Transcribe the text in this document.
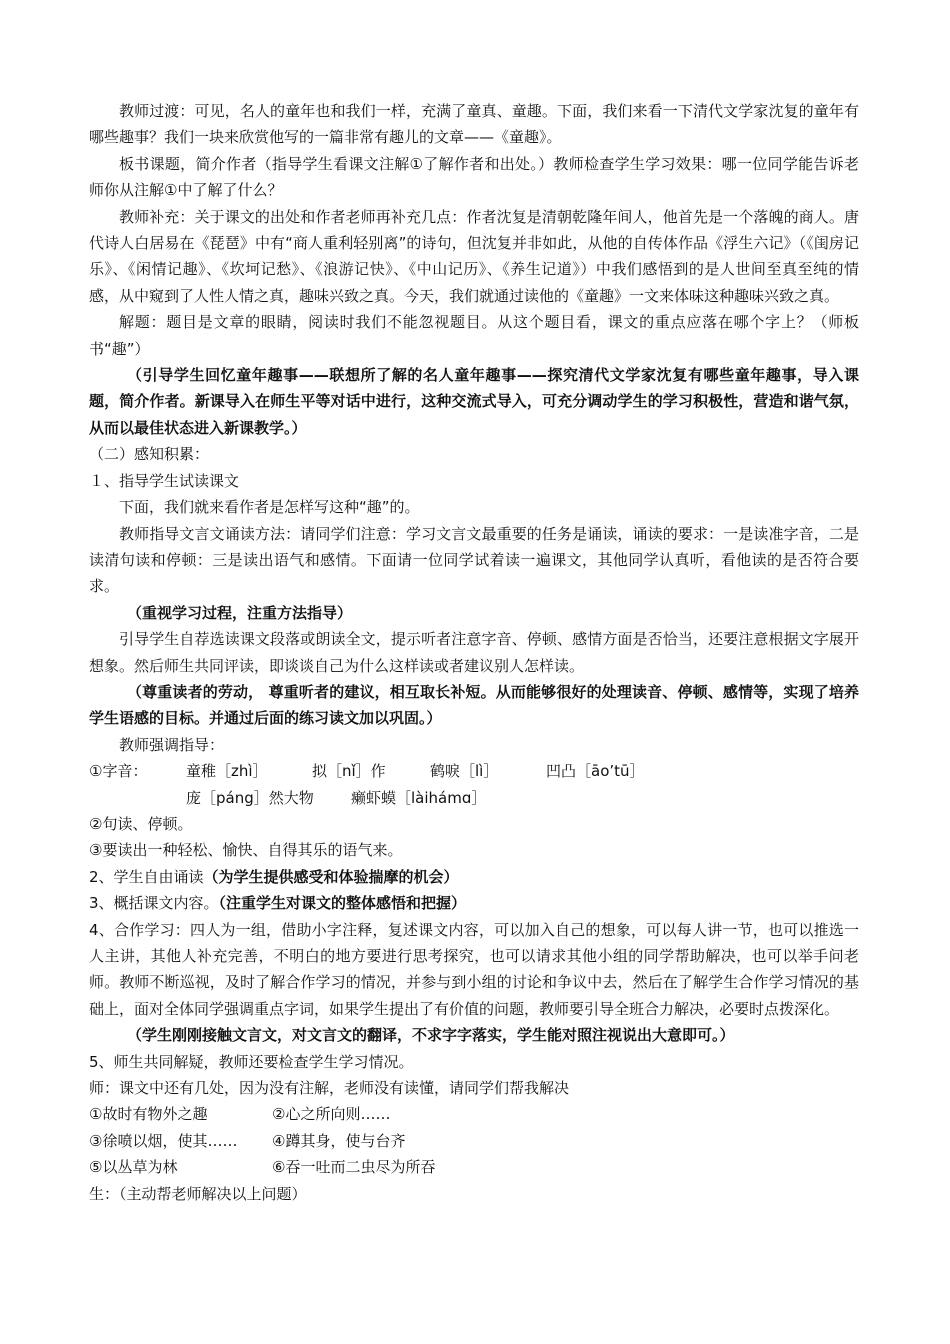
教师过渡：可见，名人的童年也和我们一样，充满了童真、童趣。下面，我们来看一下清代文学家沈复的童年有哪些趣事？我们一块来欣赏他写的一篇非常有趣儿的文章——《童趣》。

板书课题，简介作者（指导学生看课文注解①了解作者和出处。）教师检查学生学习效果：哪一位同学能告诉老师你从注解①中了解了什么？

教师补充：关于课文的出处和作者老师再补充几点：作者沈复是清朝乾隆年间人，他首先是一个落魄的商人。唐代诗人白居易在《琵琶》中有“商人重利轻别离”的诗句，但沈复并非如此，从他的自传体作品《浮生六记》（《闺房记乐》、《闲情记趣》、《坎坷记愁》、《浪游记快》、《中山记历》、《养生记道》）中我们感悟到的是人世间至真至纯的情感，从中窥到了人性人情之真，趣味兴致之真。今天，我们就通过读他的《童趣》一文来体味这种趣味兴致之真。

解题：题目是文章的眼睛，阅读时我们不能忽视题目。从这个题目看，课文的重点应落在哪个字上？（师板书“趣”）

（引导学生回忆童年趣事——联想所了解的名人童年趣事——探究清代文学家沈复有哪些童年趣事，导入课题，简介作者。新课导入在师生平等对话中进行，这种交流式导入，可充分调动学生的学习积极性，营造和谐气氛， 从而以最佳状态进入新课教学。）

（二）感知积累：

１、指导学生试读课文

下面，我们就来看作者是怎样写这种“趣”的。

教师指导文言文诵读方法：请同学们注意：学习文言文最重要的任务是诵读，诵读的要求：一是读准字音，二是读清句读和停顿：三是读出语气和感情。下面请一位同学试着读一遍课文，其他同学认真听，看他读的是否符合要求。

（重视学习过程，注重方法指导）

引导学生自荐选读课文段落或朗读全文，提示听者注意字音、停顿、感情方面是否恰当，还要注意根据文字展开想象。然后师生共同评读，即谈谈自己为什么这样读或者建议别人怎样读。

（尊重读者的劳动， 尊重听者的建议，相互取长补短。从而能够很好的处理读音、停顿、感情等，实现了培养学生语感的目标。并通过后面的练习读文加以巩固。）

教师强调指导：

①字音：	童稚［zhì］	拟［nǐ］作	鹤唳［lì］	凹凸［āo’tū］
庞［páng］然大物	癞虾蟆［làihámɑ］

②句读、停顿。

③要读出一种轻松、愉快、自得其乐的语气来。

2、学生自由诵读（为学生提供感受和体验揣摩的机会）

3、概括课文内容。（注重学生对课文的整体感悟和把握）

4、合作学习：四人为一组，借助小字注释，复述课文内容，可以加入自己的想象，可以每人讲一节，也可以推选一人主讲，其他人补充完善，不明白的地方要进行思考探究，也可以请求其他小组的同学帮助解决，也可以举手问老师。教师不断巡视，及时了解合作学习的情况，并参与到小组的讨论和争议中去，然后在了解学生合作学习情况的基础上，面对全体同学强调重点字词，如果学生提出了有价值的问题，教师要引导全班合力解决，必要时点拨深化。

（学生刚刚接触文言文，对文言文的翻译，不求字字落实，学生能对照注视说出大意即可。）

5、师生共同解疑，教师还要检查学生学习情况。

师：课文中还有几处，因为没有注解，老师没有读懂，请同学们帮我解决

①故时有物外之趣	②心之所向则……
③徐喷以烟，使其……	④蹲其身，使与台齐
⑤以丛草为林	⑥吞一吐而二虫尽为所吞

生：（主动帮老师解决以上问题）
